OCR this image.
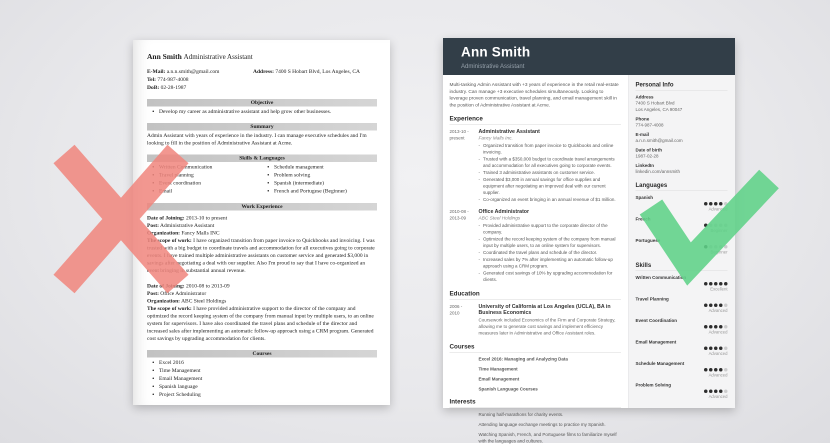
Ann Smith Administrative Assistant
E-Mail: a.n.n.smith@gmail.com
Tel: 774-987-4008
DoB: 02-28-1987
Address: 7400 S Hobart Blvd, Los Angeles, CA
Objective
• Develop my career as administrative assistant and help grow other businesses.
Summary
Admin Assistant with years of experience in the industry. I can manage executive schedules and I'm looking to fill in the position of Administrative Assistant at Acme.
Skills & Languages
• Written Communication
• Travel planning
• Event coordination
• Email
• Schedule management
• Problem solving
• Spanish (intermediate)
• French and Portugese (Beginner)
Work Experience
Date of Joining: 2013-10 to present
Post: Administrative Assistant
Organization: Fancy Malls INC
The scope of work: I have organized transition from paper invoice to Quickbooks and invoicing. I was trusted with a big budget to coordinate travels and accommodation for all executives going to corporate events. I have trained multiple administrative assistants on customer service and generated $3,000 in savings after negotiating a deal with our supplier. Also I'm proud to say that I have co-organized an event bringing in substantial annual revenue.
Date of Joining: 2010-08 to 2013-09
Post: Office Administrator
Organization: ABC Steel Holdings
The scope of work: I have provided administrative support to the director of the company and optimized the record keeping system of the company from manual input by multiple users, to an online system for supervisors. I have also coordinated the travel plans and schedule of the director and increased sales after implementing an automatic follow-up approach using a CRM program. Generated cost savings by upgrading accommodation for clients.
Courses
• Excel 2016
• Time Management
• Email Management
• Spanish language
• Project Scheduling
Ann Smith
Administrative Assistant
Multi-tasking Admin Assistant with +3 years of experience in the retail real-estate industry. Can manage +3 executive schedules simultaneously. Looking to leverage proven communication, travel planning, and email management skill in the position of Administrative Assistant at Acme.
Experience
2013-10 -
present
Administrative Assistant
Fancy Malls Inc.
- Organized transition from paper invoice to Quickbooks and online invoicing.
- Trusted with a $350,000 budget to coordinate travel arrangements and accommodation for all executives going to corporate events.
- Trained 3 administrative assistants on customer service.
- Generated $3,000 in annual savings for office supplies and equipment after negotiating an improved deal with our current supplier.
- Co-organized an event bringing in an annual revenue of $1 million.
2010-08 -
2013-09
Office Administrator
ABC Steel Holdings
- Provided administrative support to the corporate director of the company.
- Optimized the record keeping system of the company from manual input by multiple users, to an online system for supervisors.
- Coordinated the travel plans and schedule of the director.
- Increased sales by 7% after implementing an automatic follow-up approach using a CRM program.
- Generated cost savings of 10% by upgrading accommodation for clients.
Education
2006 -
2010
University of California at Los Angeles (UCLA), BA in Business Economics
Coursework included Economics of the Firm and Corporate Strategy, allowing me to generate cost savings and implement efficiency measures later in Administrative and Office Assistant roles.
Courses
Excel 2016: Managing and Analyzing Data
Time Management
Email Management
Spanish Language Courses
Interests
Running half-marathons for charity events.
Attending language exchange meetings to practice my Spanish.
Watching Spanish, French, and Portuguese films to familiarize myself with the languages and cultures.
Personal Info
Address
7400 S Hobart Blvd
Los Angeles, CA 90047
Phone
774-987-4008
E-mail
a.n.n.smith@gmail.com
Date of birth
1987-02-28
LinkedIn
linkedin.com/annsmith
Languages
Spanish
Advanced
French
Beginner
Portuguese
Beginner
Skills
Written Communication
Excellent
Travel Planning
Advanced
Event Coordination
Advanced
Email Management
Advanced
Schedule Management
Advanced
Problem Solving
Advanced
